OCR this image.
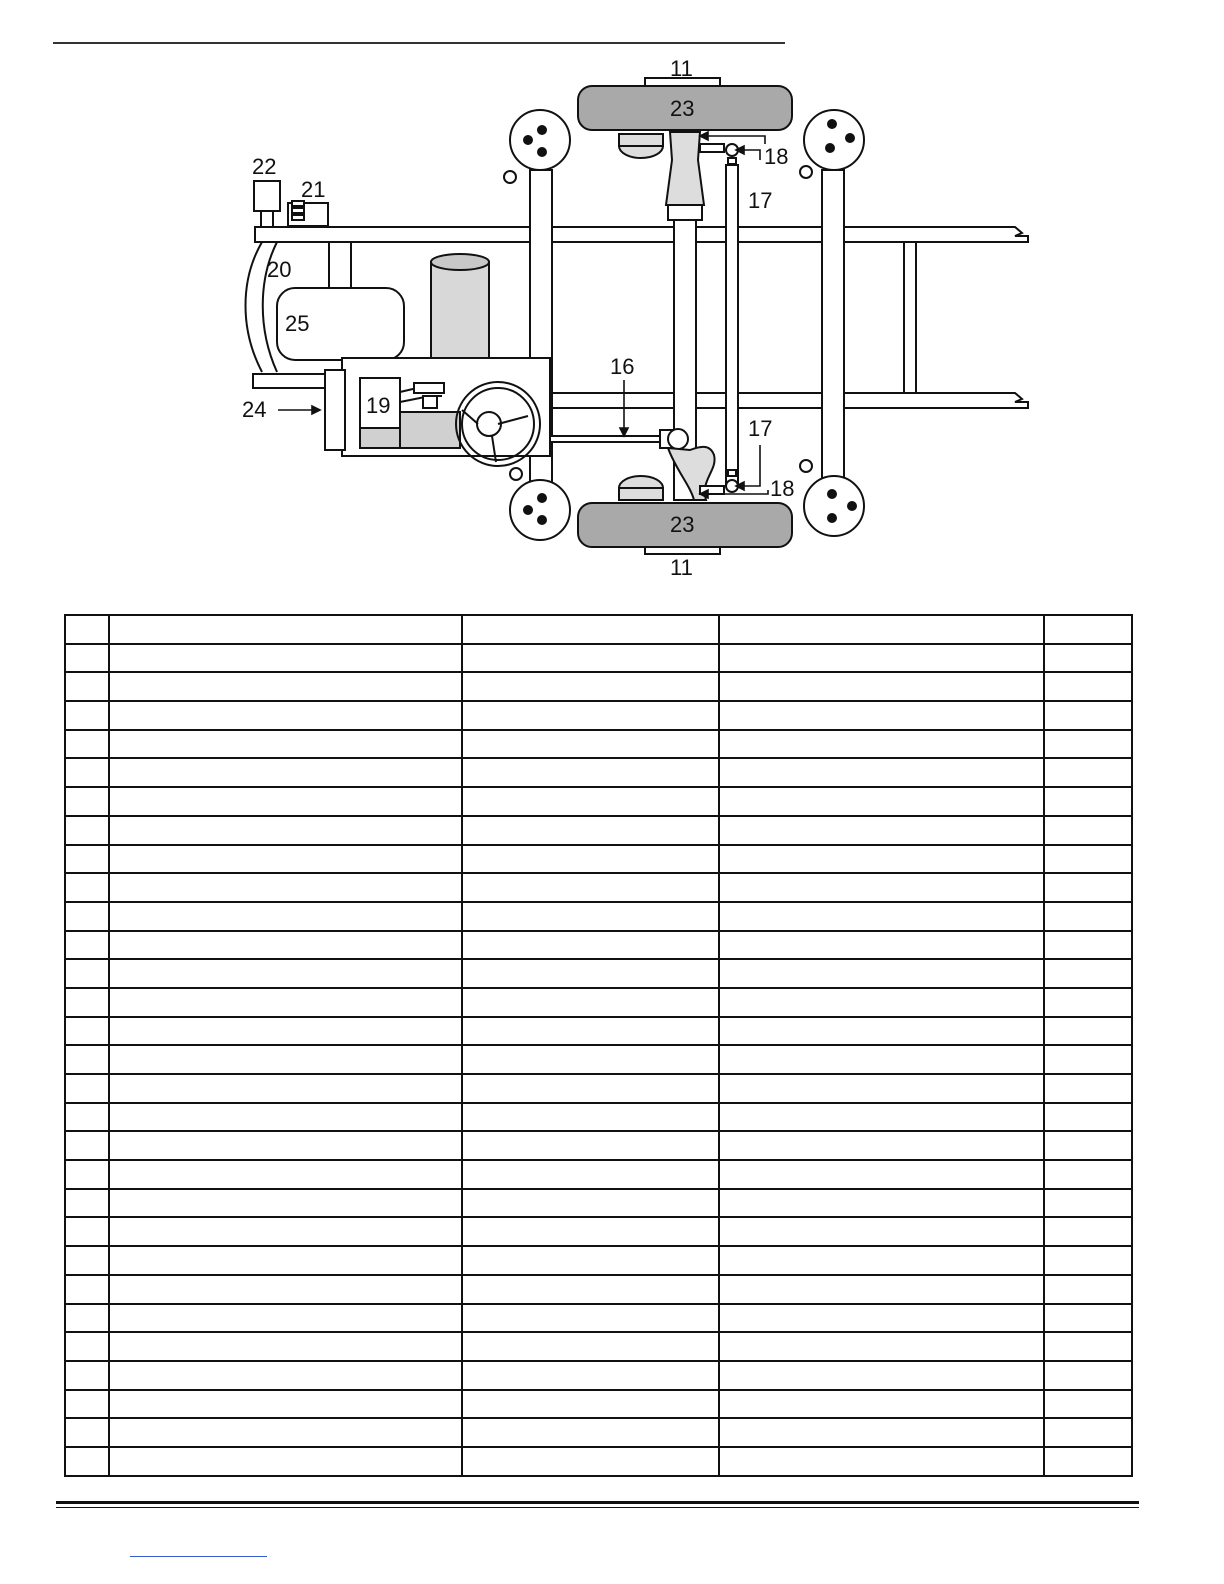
11
23
18
17
22
21
20
25
16
24	19
17
18
23
11
